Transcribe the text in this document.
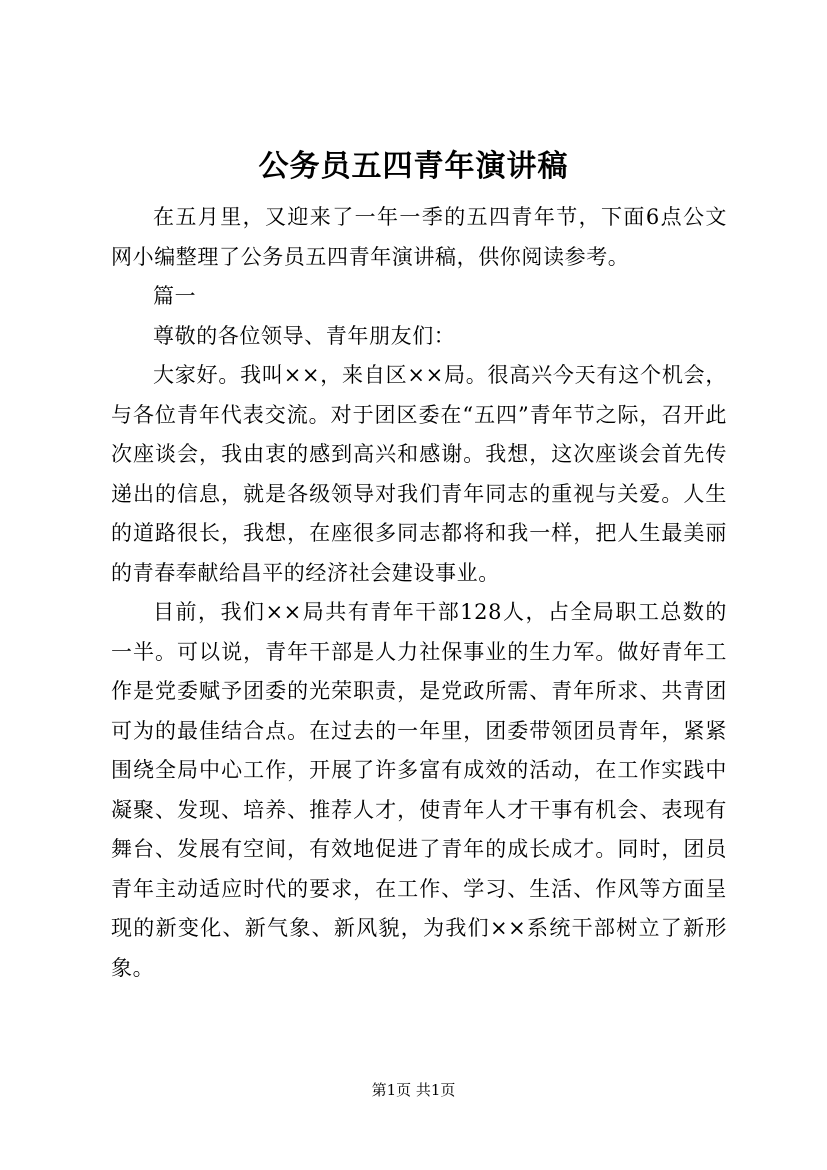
公务员五四青年演讲稿

在五月里，又迎来了一年一季的五四青年节，下面6点公文网小编整理了公务员五四青年演讲稿，供你阅读参考。

篇一

尊敬的各位领导、青年朋友们：

大家好。我叫××，来自区××局。很高兴今天有这个机会，与各位青年代表交流。对于团区委在“五四”青年节之际，召开此次座谈会，我由衷的感到高兴和感谢。我想，这次座谈会首先传递出的信息，就是各级领导对我们青年同志的重视与关爱。人生的道路很长，我想，在座很多同志都将和我一样，把人生最美丽的青春奉献给昌平的经济社会建设事业。

目前，我们××局共有青年干部128人，占全局职工总数的一半。可以说，青年干部是人力社保事业的生力军。做好青年工作是党委赋予团委的光荣职责，是党政所需、青年所求、共青团可为的最佳结合点。在过去的一年里，团委带领团员青年，紧紧围绕全局中心工作，开展了许多富有成效的活动，在工作实践中凝聚、发现、培养、推荐人才，使青年人才干事有机会、表现有舞台、发展有空间，有效地促进了青年的成长成才。同时，团员青年主动适应时代的要求，在工作、学习、生活、作风等方面呈现的新变化、新气象、新风貌，为我们××系统干部树立了新形象。

第1页 共1页
